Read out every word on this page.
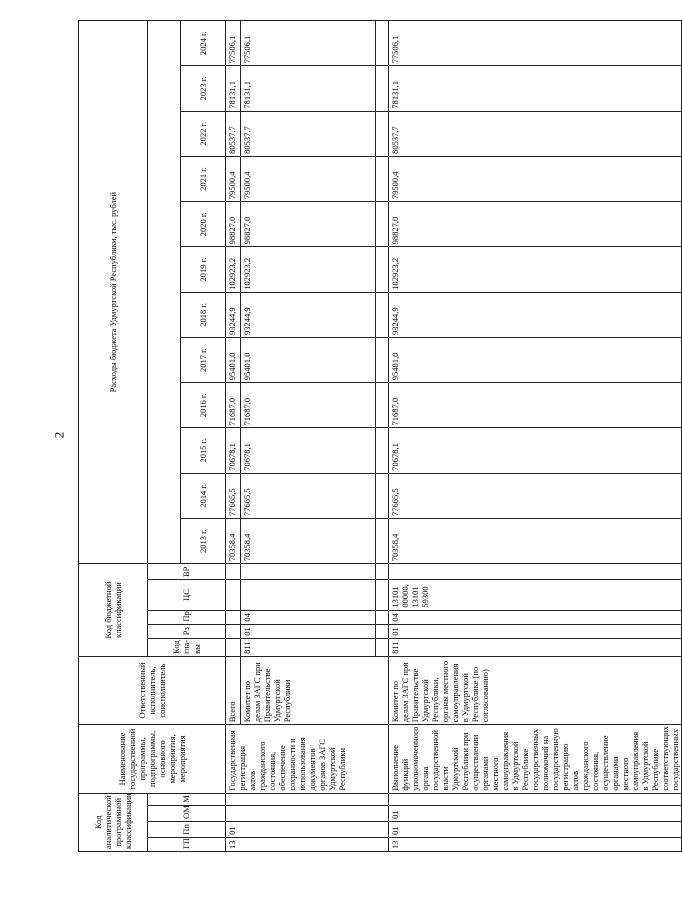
2
Код аналитической программной классификации				Наименование государственной программы, подпрограммы, основного мероприятия, мероприятия	Ответственный исполнитель, соисполнитель	Код бюджетной классификации					Расходы бюджета Удмуртской Республики, тыс. рублей											
ГП	Пп	ОМ	М			Код гла-вы	Рз	Пр	ЦС	ВР												
											2013 г.	2014 г.	2015 г.	2016 г.	2017 г.	2018 г.	2019 г.	2020 г.	2021 г.	2022 г.	2023 г.	2024 г.
13	01			Государственная регистрация актов гражданского состояния, обеспечение сохранности и использования документов органов ЗАГС Удмуртской Республики	Всего						70358,4	77665,5	70678,1	71687,0	95401,0	93244,9	102923,2	98827,0	79500,4	80537,7	78131,1	77506,1
					Комитет по делам ЗАГС при Правительстве Удмуртской Республики	811	01	04			70358,4	77665,5	70678,1	71687,0	95401,0	93244,9	102923,2	98827,0	79500,4	80537,7	78131,1	77506,1

13	01	01		Выполнение функций уполномоченного органа государственной власти Удмуртской Республики при осуществлении органами местного самоуправления в Удмуртской Республике государственных полномочий на государственную регистрацию актов гражданского состояния, осуществление органами местного самоуправления в Удмуртской Республике соответствующих государственных	Комитет по делам ЗАГС при Правительстве Удмуртской Республики, органы местного самоуправления в Удмуртской Республике (по согласованию)	811	01	04	13101 00000, 13101 59300		70358,4	77665,5	70678,1	71687,0	95401,0	93244,9	102923,2	98827,0	79500,4	80537,7	78131,1	77506,1
